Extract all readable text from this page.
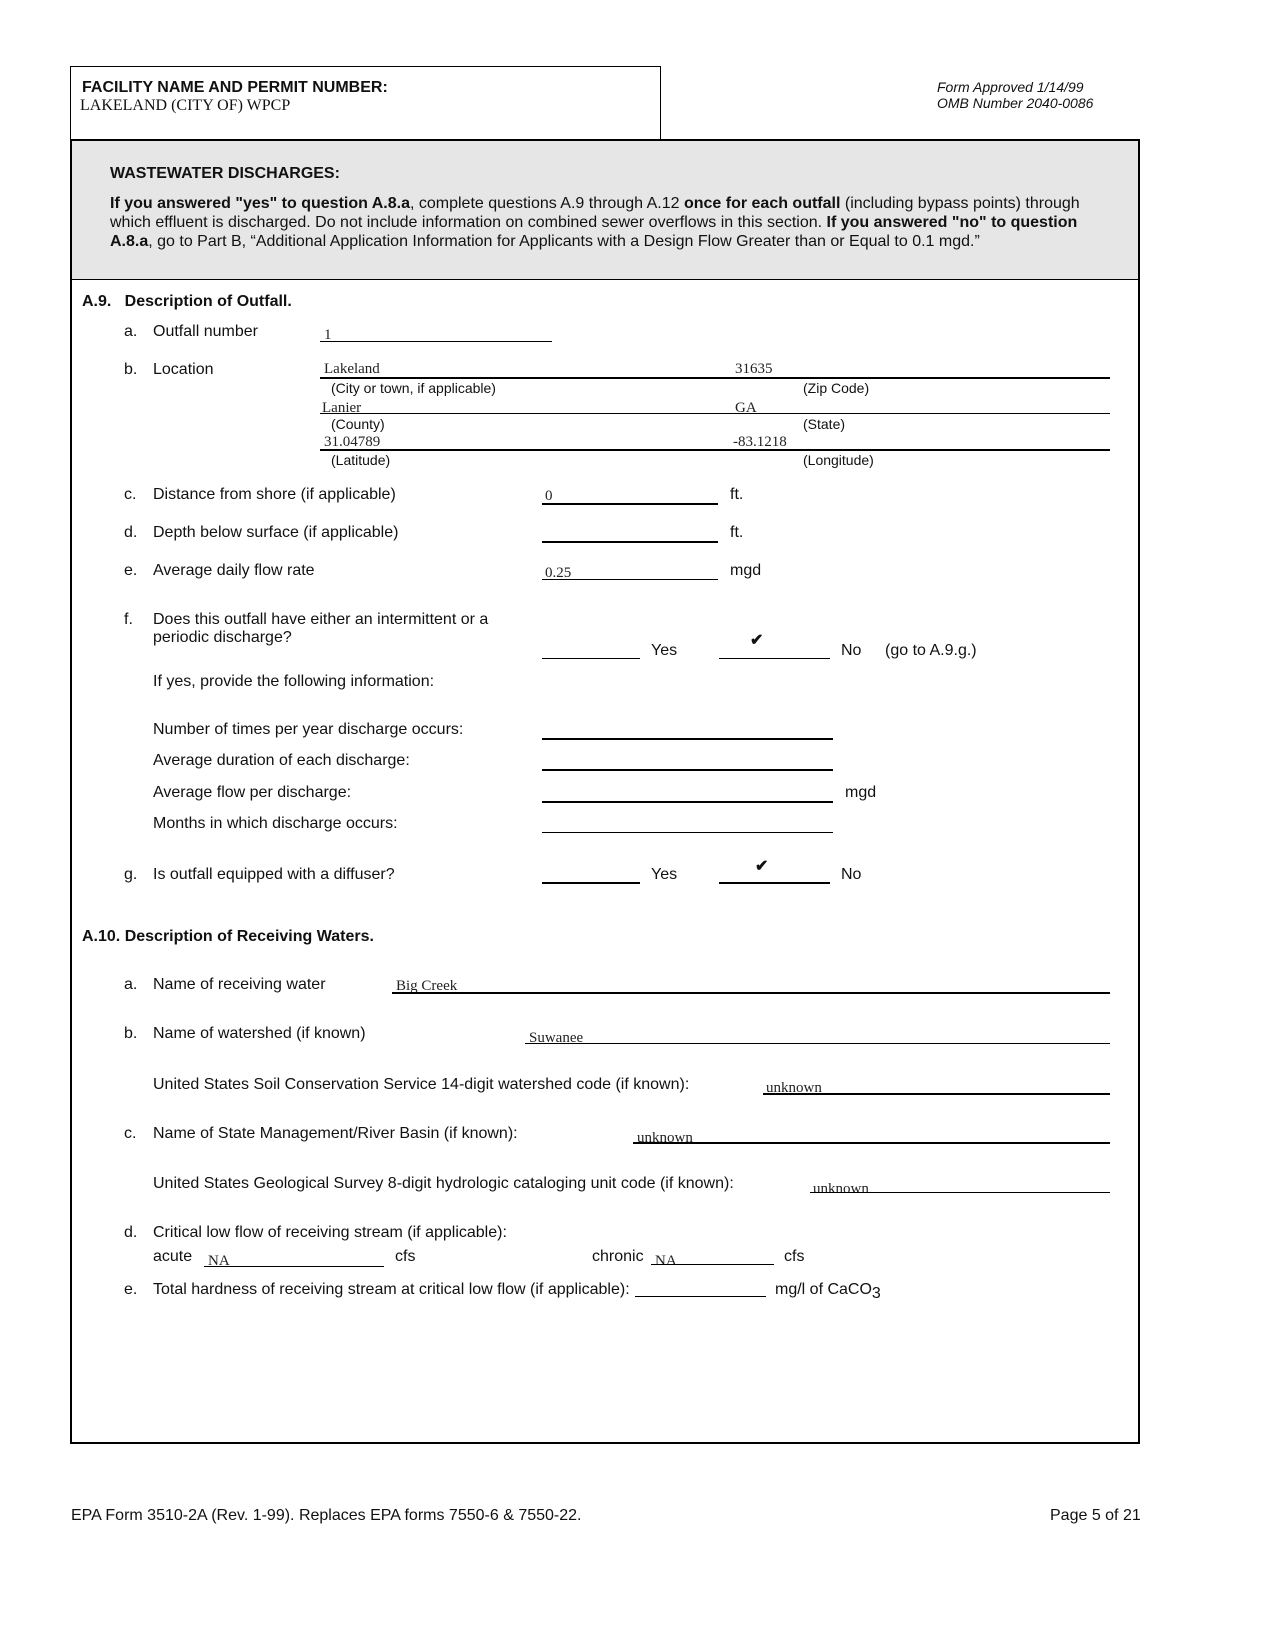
FACILITY NAME AND PERMIT NUMBER:
LAKELAND (CITY OF) WPCP
Form Approved 1/14/99
OMB Number 2040-0086
WASTEWATER DISCHARGES:
If you answered "yes" to question A.8.a, complete questions A.9 through A.12 once for each outfall (including bypass points) through which effluent is discharged. Do not include information on combined sewer overflows in this section. If you answered "no" to question A.8.a, go to Part B, “Additional Application Information for Applicants with a Design Flow Greater than or Equal to 0.1 mgd.”
A.9.   Description of Outfall.
a. Outfall number	1
b. Location	Lakeland	31635
(City or town, if applicable)	(Zip Code)
Lanier	GA
(County)	(State)
31.04789	-83.1218
(Latitude)	(Longitude)
c. Distance from shore (if applicable)	0	ft.
d. Depth below surface (if applicable)	ft.
e. Average daily flow rate	0.25	mgd
f. Does this outfall have either an intermittent or a
periodic discharge?
Yes
✔
No (go to A.9.g.)
If yes, provide the following information:
Number of times per year discharge occurs:
Average duration of each discharge:
Average flow per discharge:	mgd
Months in which discharge occurs:
g. Is outfall equipped with a diffuser?	Yes	✔	No
A.10. Description of Receiving Waters.
a. Name of receiving water	Big Creek
b. Name of watershed (if known)	Suwanee
United States Soil Conservation Service 14-digit watershed code (if known):	unknown
c. Name of State Management/River Basin (if known):	unknown
United States Geological Survey 8-digit hydrologic cataloging unit code (if known):	unknown
d. Critical low flow of receiving stream (if applicable):
acute NA	cfs	chronic NA	cfs
e. Total hardness of receiving stream at critical low flow (if applicable):	mg/l of CaCO$_3$
EPA Form 3510-2A (Rev. 1-99). Replaces EPA forms 7550-6 & 7550-22.	Page 5 of 21
